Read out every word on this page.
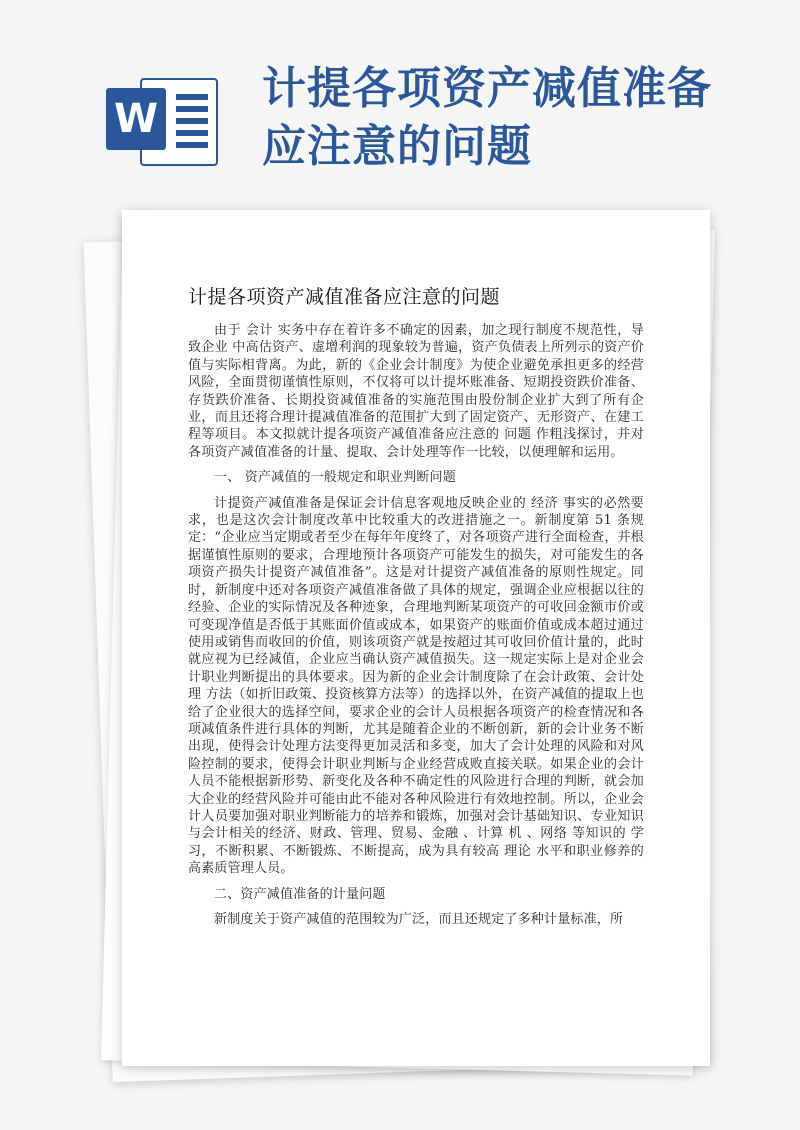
W
计提各项资产减值准备应注意的问题
计提各项资产减值准备应注意的问题

由于 会计 实务中存在着许多不确定的因素，加之现行制度不规范性，导致企业 中高估资产、虚增利润的现象较为普遍，资产负债表上所列示的资产价值与实际相背离。为此，新的《企业会计制度》为使企业避免承担更多的经营风险，全面贯彻谨慎性原则，不仅将可以计提坏账准备、短期投资跌价准备、存货跌价准备、长期投资减值准备的实施范围由股份制企业扩大到了所有企业，而且还将合理计提减值准备的范围扩大到了固定资产、无形资产、在建工程等项目。本文拟就计提各项资产减值准备应注意的 问题 作粗浅探讨，并对各项资产减值准备的计量、提取、会计处理等作一比较，以便理解和运用。

一、 资产减值的一般规定和职业判断问题

计提资产减值准备是保证会计信息客观地反映企业的 经济 事实的必然要求，也是这次会计制度改革中比较重大的改进措施之一。新制度第 51 条规定：“企业应当定期或者至少在每年年度终了，对各项资产进行全面检查，并根据谨慎性原则的要求，合理地预计各项资产可能发生的损失，对可能发生的各项资产损失计提资产减值准备”。这是对计提资产减值准备的原则性规定。同时，新制度中还对各项资产减值准备做了具体的规定，强调企业应根据以往的经验、企业的实际情况及各种迹象，合理地判断某项资产的可收回金额市价或可变现净值是否低于其账面价值或成本，如果资产的账面价值或成本超过通过使用或销售而收回的价值，则该项资产就是按超过其可收回价值计量的，此时就应视为已经减值，企业应当确认资产减值损失。这一规定实际上是对企业会计职业判断提出的具体要求。因为新的企业会计制度除了在会计政策、会计处理 方法（如折旧政策、投资核算方法等）的选择以外，在资产减值的提取上也给了企业很大的选择空间，要求企业的会计人员根据各项资产的检查情况和各项减值条件进行具体的判断，尤其是随着企业的不断创新，新的会计业务不断出现，使得会计处理方法变得更加灵活和多变，加大了会计处理的风险和对风险控制的要求，使得会计职业判断与企业经营成败直接关联。如果企业的会计人员不能根据新形势、新变化及各种不确定性的风险进行合理的判断，就会加大企业的经营风险并可能由此不能对各种风险进行有效地控制。所以，企业会计人员要加强对职业判断能力的培养和锻炼，加强对会计基础知识、专业知识与会计相关的经济、财政、管理、贸易、金融 、计算 机 、网络 等知识的 学习，不断积累、不断锻炼、不断提高，成为具有较高 理论 水平和职业修养的高素质管理人员。

二、资产减值准备的计量问题

新制度关于资产减值的范围较为广泛，而且还规定了多种计量标准，所
